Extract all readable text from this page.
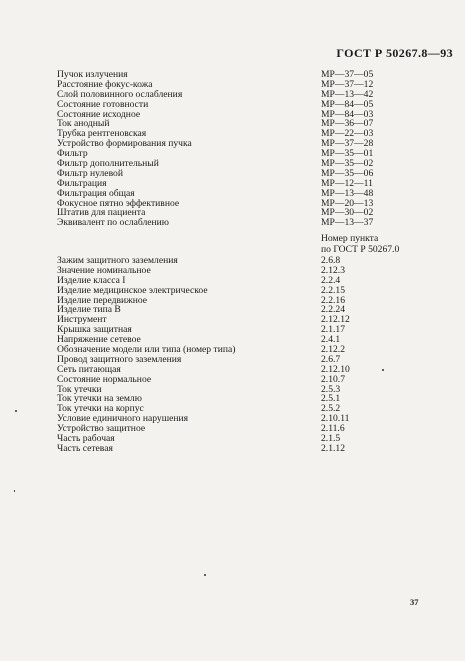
ГОСТ Р 50267.8—93
Пучок излучения	МР—37—05
Расстояние фокус-кожа	МР—37—12
Слой половинного ослабления	МР—13—42
Состояние готовности	МР—84—05
Состояние исходное	МР—84—03
Ток анодный	МР—36—07
Трубка рентгеновская	МР—22—03
Устройство формирования пучка	МР—37—28
Фильтр	МР—35—01
Фильтр дополнительный	МР—35—02
Фильтр нулевой	МР—35—06
Фильтрация	МР—12—11
Фильтрация общая	МР—13—48
Фокусное пятно эффективное	МР—20—13
Штатив для пациента	МР—30—02
Эквивалент по ослаблению	МР—13—37
Номер пункта
по ГОСТ Р 50267.0
Зажим защитного заземления	2.6.8
Значение номинальное	2.12.3
Изделие класса I	2.2.4
Изделие медицинское электрическое	2.2.15
Изделие передвижное	2.2.16
Изделие типа В	2.2.24
Инструмент	2.12.12
Крышка защитная	2.1.17
Напряжение сетевое	2.4.1
Обозначение модели или типа (номер типа)	2.12.2
Провод защитного заземления	2.6.7
Сеть питающая	2.12.10
Состояние нормальное	2.10.7
Ток утечки	2.5.3
Ток утечки на землю	2.5.1
Ток утечки на корпус	2.5.2
Условие единичного нарушения	2.10.11
Устройство защитное	2.11.6
Часть рабочая	2.1.5
Часть сетевая	2.1.12
37
